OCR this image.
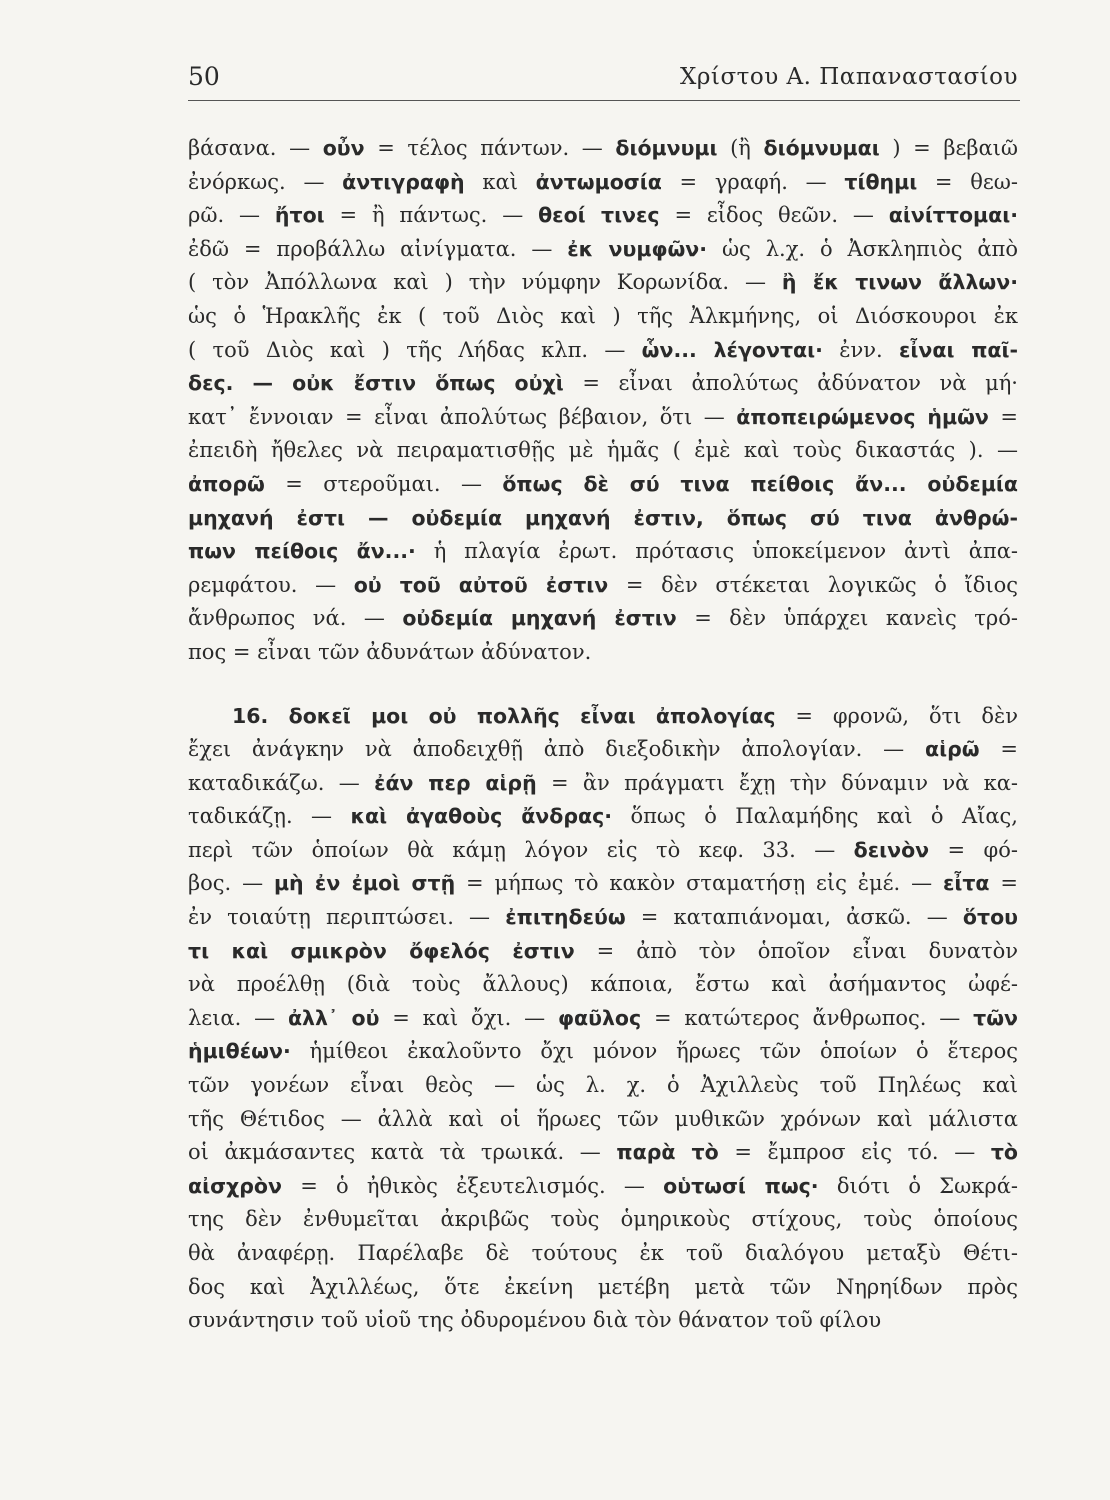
50	Χρίστου Α. Παπαναστασίου
βάσανα. — οὖν = τέλος πάντων. — διόμνυμι (ἢ διόμνυμαι ) = βεβαιῶ
ἐνόρκως. — ἀντιγραφὴ καὶ ἀντωμοσία = γραφή. — τίθημι = θεω-
ρῶ. — ἤτοι = ἢ πάντως. — θεοί τινες = εἶδος θεῶν. — αἰνίττομαι·
ἐδῶ = προβάλλω αἰνίγματα. — ἐκ νυμφῶν· ὡς λ.χ. ὁ Ἀσκληπιὸς ἀπὸ
( τὸν Ἀπόλλωνα καὶ ) τὴν νύμφην Κορωνίδα. — ἢ ἔκ τινων ἄλλων·
ὡς ὁ Ἡρακλῆς ἐκ ( τοῦ Διὸς καὶ ) τῆς Ἀλκμήνης, οἱ Διόσκουροι ἐκ
( τοῦ Διὸς καὶ ) τῆς Λήδας κλπ. — ὧν... λέγονται· ἐνν. εἶναι παῖ-
δες. — οὐκ ἔστιν ὅπως οὐχὶ = εἶναι ἀπολύτως ἀδύνατον νὰ μή·
κατ᾽ ἔννοιαν = εἶναι ἀπολύτως βέβαιον, ὅτι — ἀποπειρώμενος ἡμῶν =
ἐπειδὴ ἤθελες νὰ πειραματισθῇς μὲ ἡμᾶς ( ἐμὲ καὶ τοὺς δικαστάς ). —
ἀπορῶ = στεροῦμαι. — ὅπως δὲ σύ τινα πείθοις ἄν... οὐδεμία
μηχανή ἐστι — οὐδεμία μηχανή ἐστιν, ὅπως σύ τινα ἀνθρώ-
πων πείθοις ἄν...· ἡ πλαγία ἐρωτ. πρότασις ὑποκείμενον ἀντὶ ἀπα-
ρεμφάτου. — οὐ τοῦ αὐτοῦ ἐστιν = δὲν στέκεται λογικῶς ὁ ἴδιος
ἄνθρωπος νά. — οὐδεμία μηχανή ἐστιν = δὲν ὑπάρχει κανεὶς τρό-
πος = εἶναι τῶν ἀδυνάτων ἀδύνατον.
16. δοκεῖ μοι οὐ πολλῆς εἶναι ἀπολογίας = φρονῶ, ὅτι δὲν
ἔχει ἀνάγκην νὰ ἀποδειχθῇ ἀπὸ διεξοδικὴν ἀπολογίαν. — αἱρῶ =
καταδικάζω. — ἐάν περ αἱρῇ = ἂν πράγματι ἔχῃ τὴν δύναμιν νὰ κα-
ταδικάζῃ. — καὶ ἀγαθοὺς ἄνδρας· ὅπως ὁ Παλαμήδης καὶ ὁ Αἴας,
περὶ τῶν ὁποίων θὰ κάμῃ λόγον εἰς τὸ κεφ. 33. — δεινὸν = φό-
βος. — μὴ ἐν ἐμοὶ στῇ = μήπως τὸ κακὸν σταματήσῃ εἰς ἐμέ. — εἶτα =
ἐν τοιαύτῃ περιπτώσει. — ἐπιτηδεύω = καταπιάνομαι, ἀσκῶ. — ὅτου
τι καὶ σμικρὸν ὄφελός ἐστιν = ἀπὸ τὸν ὁποῖον εἶναι δυνατὸν
νὰ προέλθῃ (διὰ τοὺς ἄλλους) κάποια, ἔστω καὶ ἀσήμαντος ὠφέ-
λεια. — ἀλλ᾽ οὐ = καὶ ὄχι. — φαῦλος = κατώτερος ἄνθρωπος. — τῶν
ἡμιθέων· ἡμίθεοι ἐκαλοῦντο ὄχι μόνον ἥρωες τῶν ὁποίων ὁ ἕτερος
τῶν γονέων εἶναι θεὸς — ὡς λ. χ. ὁ Ἀχιλλεὺς τοῦ Πηλέως καὶ
τῆς Θέτιδος — ἀλλὰ καὶ οἱ ἥρωες τῶν μυθικῶν χρόνων καὶ μάλιστα
οἱ ἀκμάσαντες κατὰ τὰ τρωικά. — παρὰ τὸ = ἔμπροσ εἰς τό. — τὸ
αἰσχρὸν = ὁ ἠθικὸς ἐξευτελισμός. — οὑτωσί πως· διότι ὁ Σωκρά-
της δὲν ἐνθυμεῖται ἀκριβῶς τοὺς ὁμηρικοὺς στίχους, τοὺς ὁποίους
θὰ ἀναφέρῃ. Παρέλαβε δὲ τούτους ἐκ τοῦ διαλόγου μεταξὺ Θέτι-
δος καὶ Ἀχιλλέως, ὅτε ἐκείνη μετέβη μετὰ τῶν Νηρηίδων πρὸς
συνάντησιν τοῦ υἱοῦ της ὀδυρομένου διὰ τὸν θάνατον τοῦ φίλου
